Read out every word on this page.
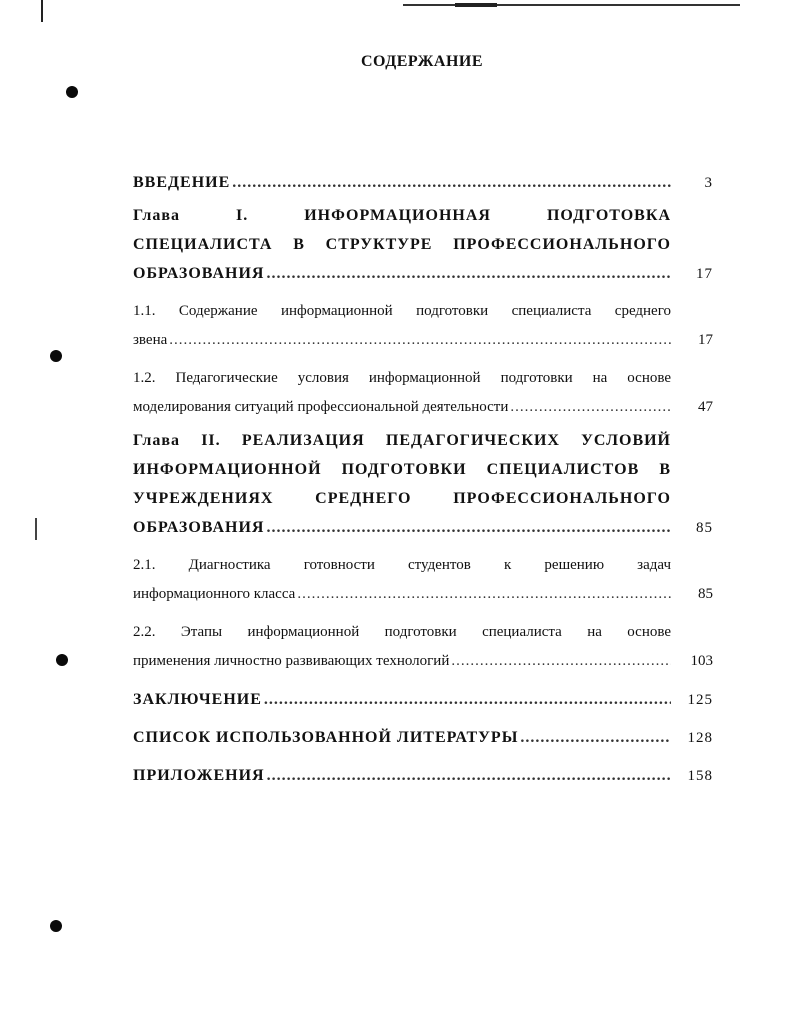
СОДЕРЖАНИЕ
ВВЕДЕНИЕ .....	3
Глава I. ИНФОРМАЦИОННАЯ ПОДГОТОВКА
СПЕЦИАЛИСТА В СТРУКТУРЕ ПРОФЕССИОНАЛЬНОГО
ОБРАЗОВАНИЯ .....	17
1.1. Содержание информационной подготовки специалиста среднего
звена .....	17
1.2. Педагогические условия информационной подготовки на основе
моделирования ситуаций профессиональной деятельности .....	47
Глава II. РЕАЛИЗАЦИЯ ПЕДАГОГИЧЕСКИХ УСЛОВИЙ
ИНФОРМАЦИОННОЙ ПОДГОТОВКИ СПЕЦИАЛИСТОВ В
УЧРЕЖДЕНИЯХ СРЕДНЕГО ПРОФЕССИОНАЛЬНОГО
ОБРАЗОВАНИЯ .....	85
2.1. Диагностика готовности студентов к решению задач
информационного класса .....	85
2.2. Этапы информационной подготовки специалиста на основе
применения личностно развивающих технологий .....	103
ЗАКЛЮЧЕНИЕ .....	125
СПИСОК ИСПОЛЬЗОВАННОЙ ЛИТЕРАТУРЫ .....	128
ПРИЛОЖЕНИЯ .....	158
